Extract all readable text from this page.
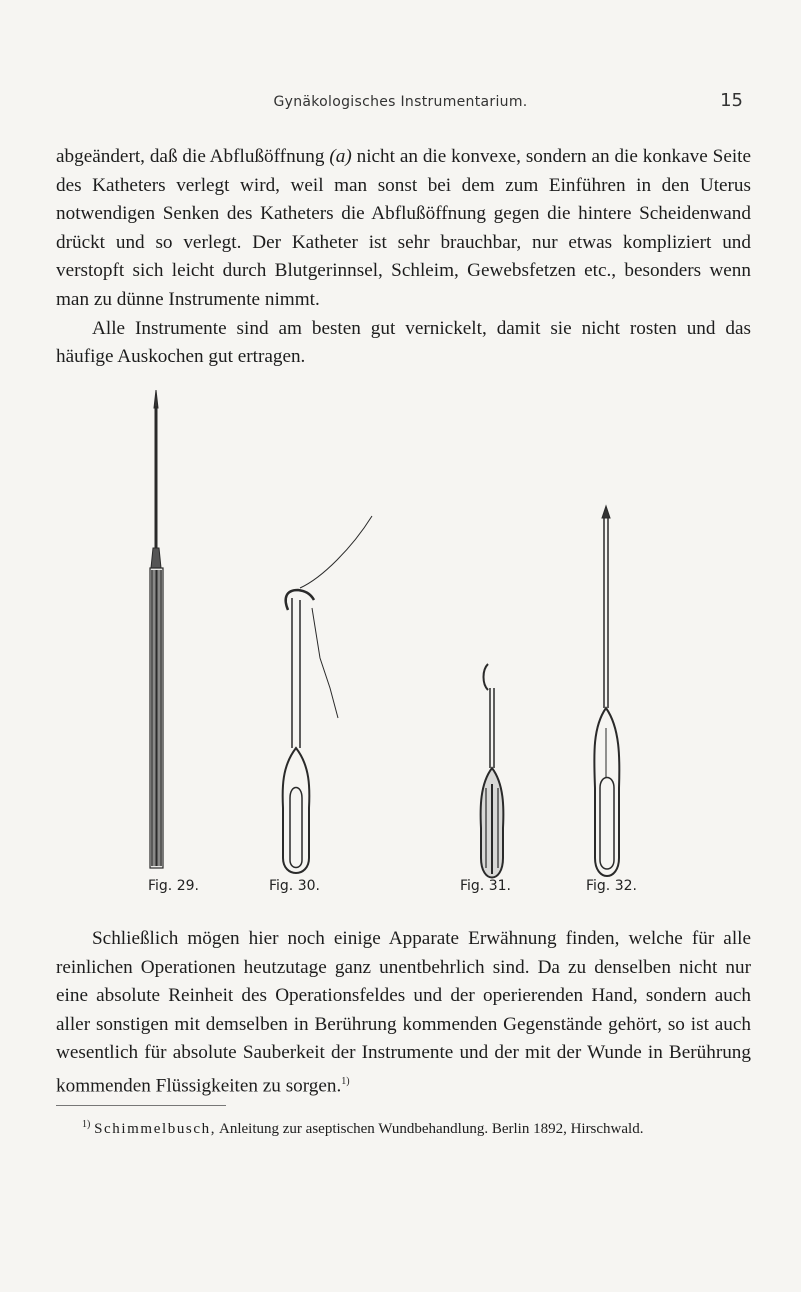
Gynäkologisches Instrumentarium.	15

abgeändert, daß die Abflußöffnung (a) nicht an die konvexe, sondern an die konkave Seite des Katheters verlegt wird, weil man sonst bei dem zum Einführen in den Uterus notwendigen Senken des Katheters die Abflußöffnung gegen die hintere Scheidenwand drückt und so verlegt. Der Katheter ist sehr brauchbar, nur etwas kompliziert und verstopft sich leicht durch Blutgerinnsel, Schleim, Gewebsfetzen etc., besonders wenn man zu dünne Instrumente nimmt.

Alle Instrumente sind am besten gut vernickelt, damit sie nicht rosten und das häufige Auskochen gut ertragen.

Fig. 29.	Fig. 30.	Fig. 31.	Fig. 32.

Schließlich mögen hier noch einige Apparate Erwähnung finden, welche für alle reinlichen Operationen heutzutage ganz unentbehrlich sind. Da zu denselben nicht nur eine absolute Reinheit des Operationsfeldes und der operierenden Hand, sondern auch aller sonstigen mit demselben in Berührung kommenden Gegenstände gehört, so ist auch wesentlich für absolute Sauberkeit der Instrumente und der mit der Wunde in Berührung kommenden Flüssigkeiten zu sorgen.$^{1)}$

$^{1)}$ Schimmelbusch, Anleitung zur aseptischen Wundbehandlung. Berlin 1892, Hirschwald.
